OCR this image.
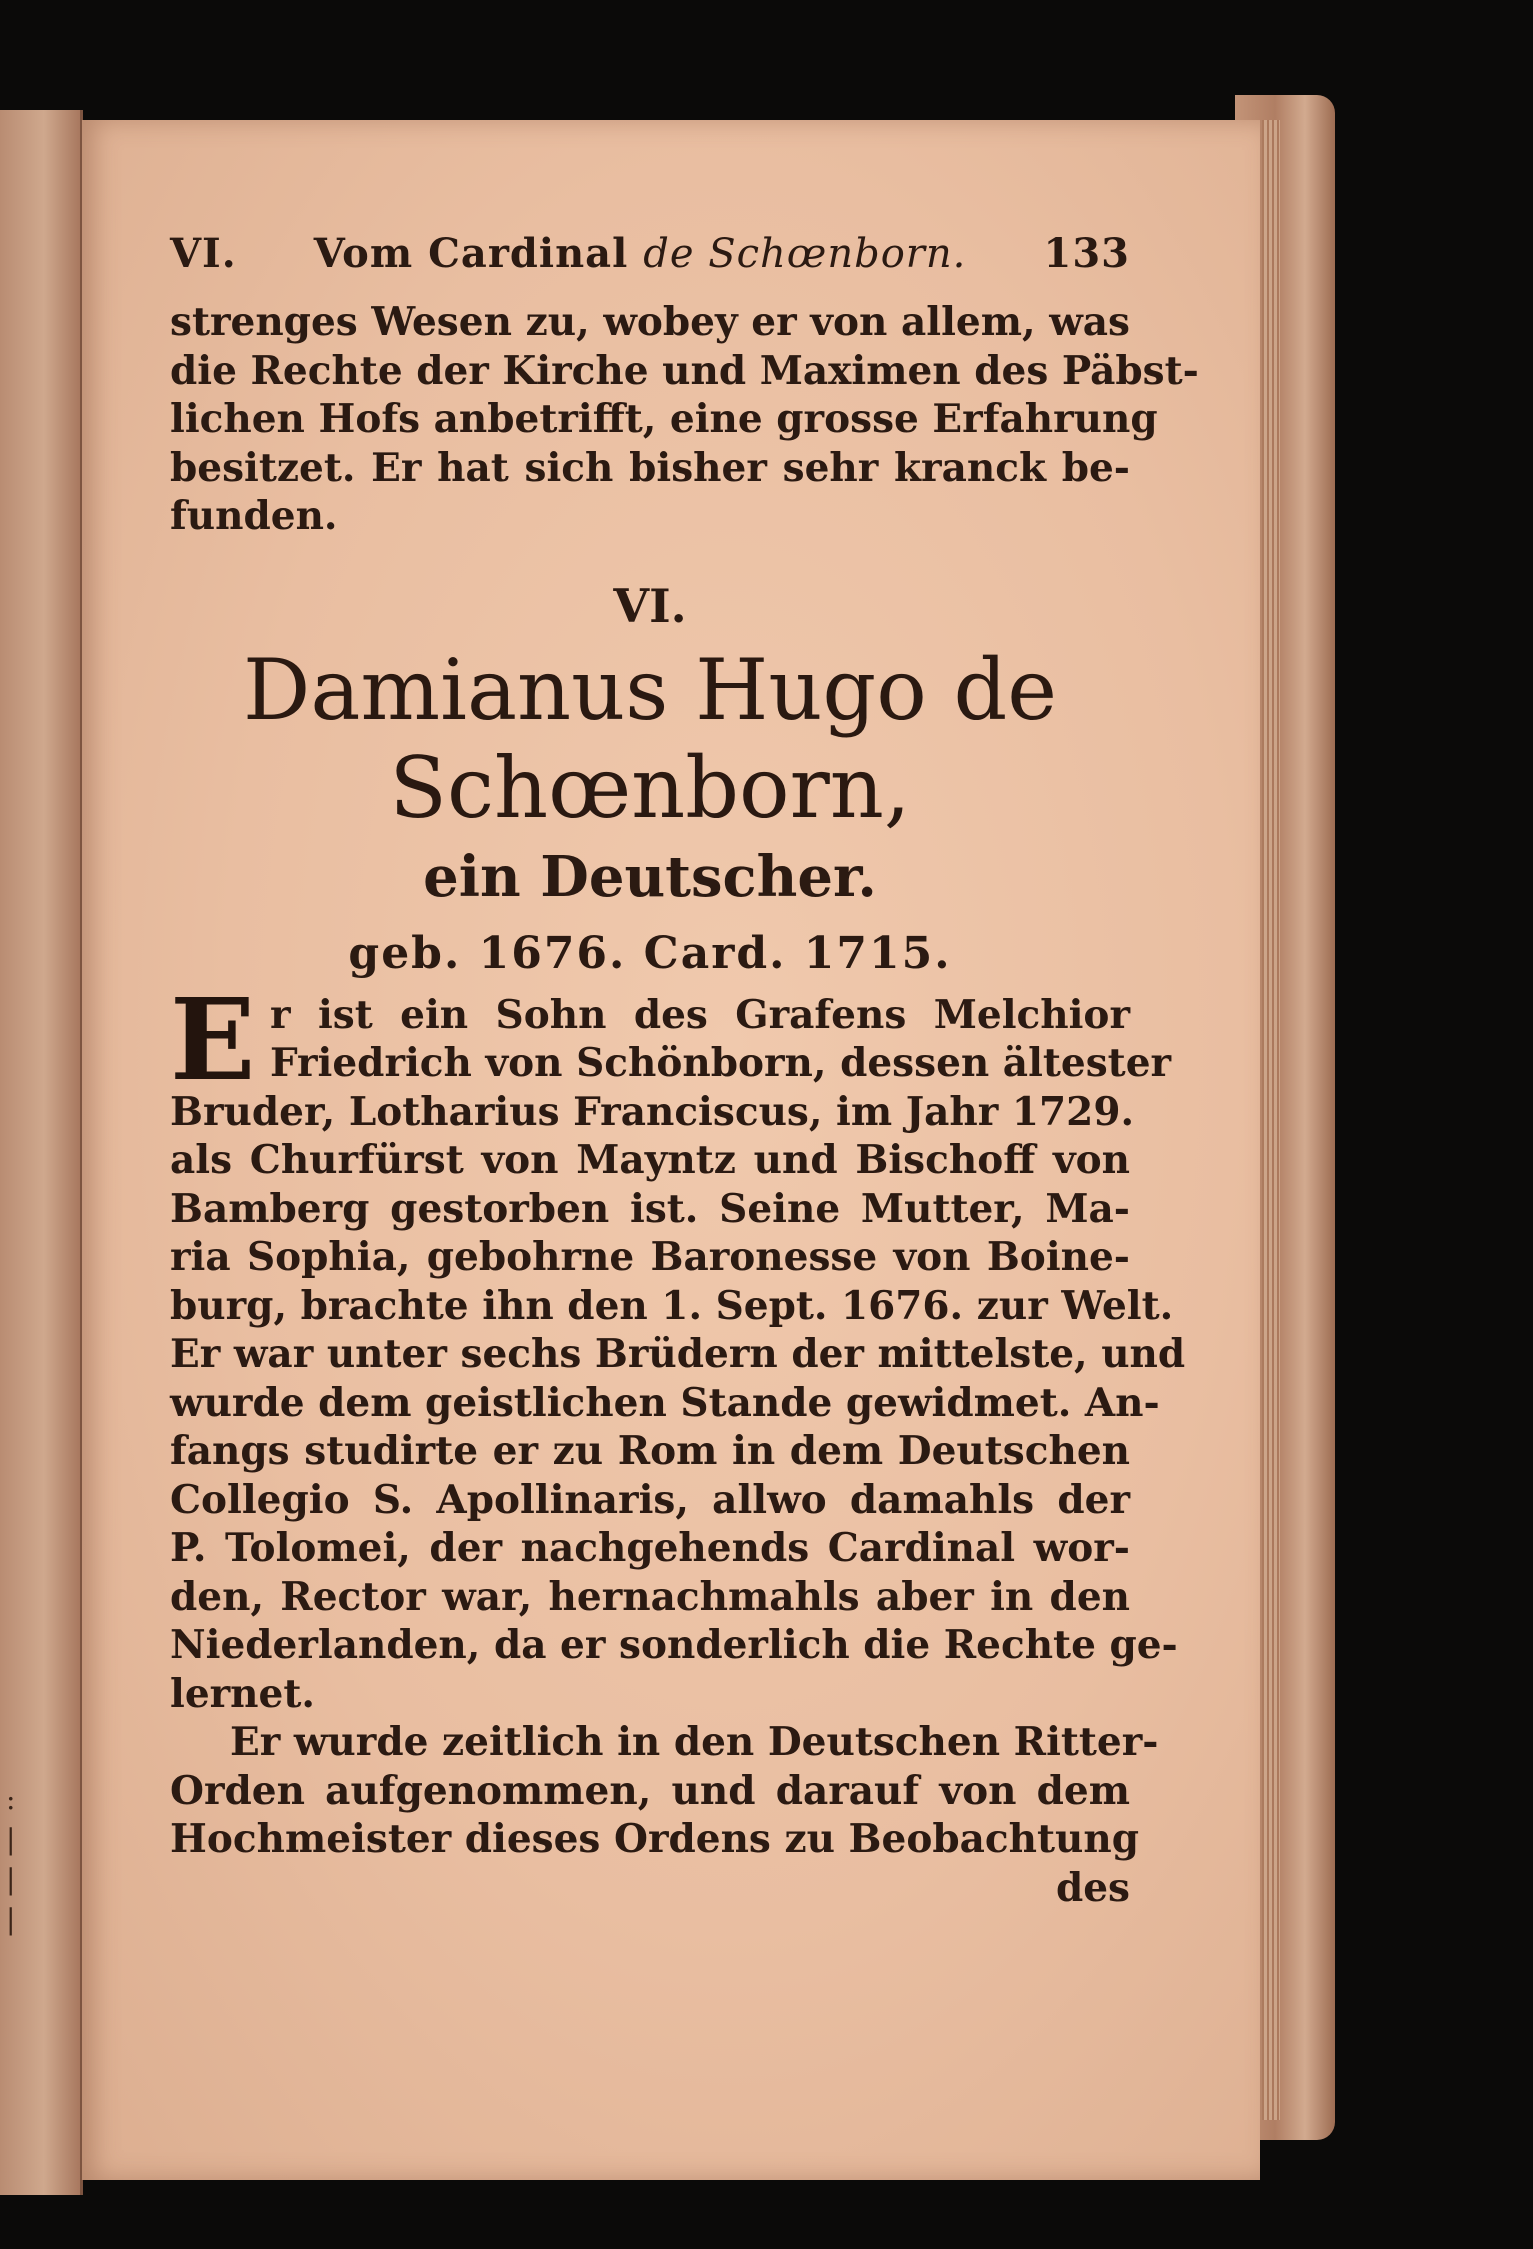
VI. Vom Cardinal de Schœnborn. 133
strenges Wesen zu, wobey er von allem, was
die Rechte der Kirche und Maximen des Päbst-
lichen Hofs anbetrifft, eine grosse Erfahrung
besitzet. Er hat sich bisher sehr kranck be-
funden.
VI.
Damianus Hugo de
Schœnborn,
ein Deutscher.
geb. 1676. Card. 1715.
E r ist ein Sohn des Grafens Melchior
Friedrich von Schönborn, dessen ältester
Bruder, Lotharius Franciscus, im Jahr 1729.
als Churfürst von Mayntz und Bischoff von
Bamberg gestorben ist. Seine Mutter, Ma-
ria Sophia, gebohrne Baronesse von Boine-
burg, brachte ihn den 1. Sept. 1676. zur Welt.
Er war unter sechs Brüdern der mittelste, und
wurde dem geistlichen Stande gewidmet. An-
fangs studirte er zu Rom in dem Deutschen
Collegio S. Apollinaris, allwo damahls der
P. Tolomei, der nachgehends Cardinal wor-
den, Rector war, hernachmahls aber in den
Niederlanden, da er sonderlich die Rechte ge-
lernet.
Er wurde zeitlich in den Deutschen Ritter-
Orden aufgenommen, und darauf von dem
Hochmeister dieses Ordens zu Beobachtung
des
:
|
|
|
